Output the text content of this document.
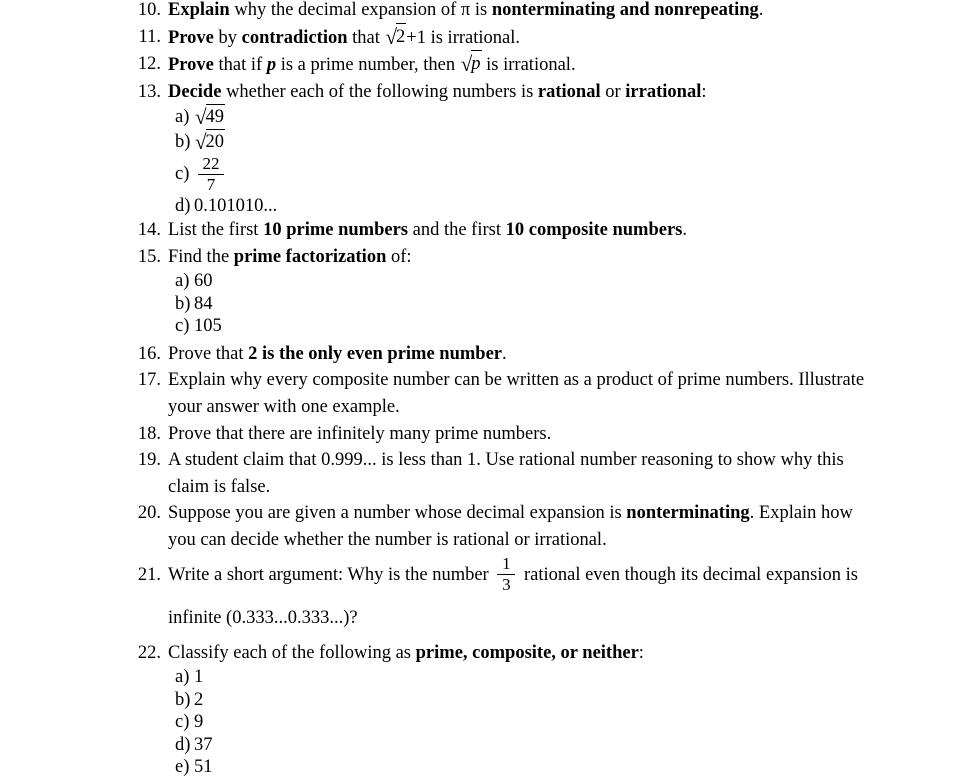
10. Explain why the decimal expansion of π is nonterminating and nonrepeating.
11. Prove by contradiction that √2+1 is irrational.
12. Prove that if p is a prime number, then √p is irrational.
13. Decide whether each of the following numbers is rational or irrational:
a) √49
b) √20
$c) \frac{22}{7}$
d) 0.101010...
14. List the first 10 prime numbers and the first 10 composite numbers.
15. Find the prime factorization of:
a) 60
b) 84
c) 105
16. Prove that 2 is the only even prime number.
17. Explain why every composite number can be written as a product of prime numbers. Illustrate your answer with one example.
18. Prove that there are infinitely many prime numbers.
19. A student claim that 0.999... is less than 1. Use rational number reasoning to show why this claim is false.
20. Suppose you are given a number whose decimal expansion is nonterminating. Explain how you can decide whether the number is rational or irrational.
21. Write a short argument: Why is the number $\frac{1}{3}$ rational even though its decimal expansion is infinite (0.333...0.333...)?
22. Classify each of the following as prime, composite, or neither:
a) 1
b) 2
c) 9
d) 37
e) 51
